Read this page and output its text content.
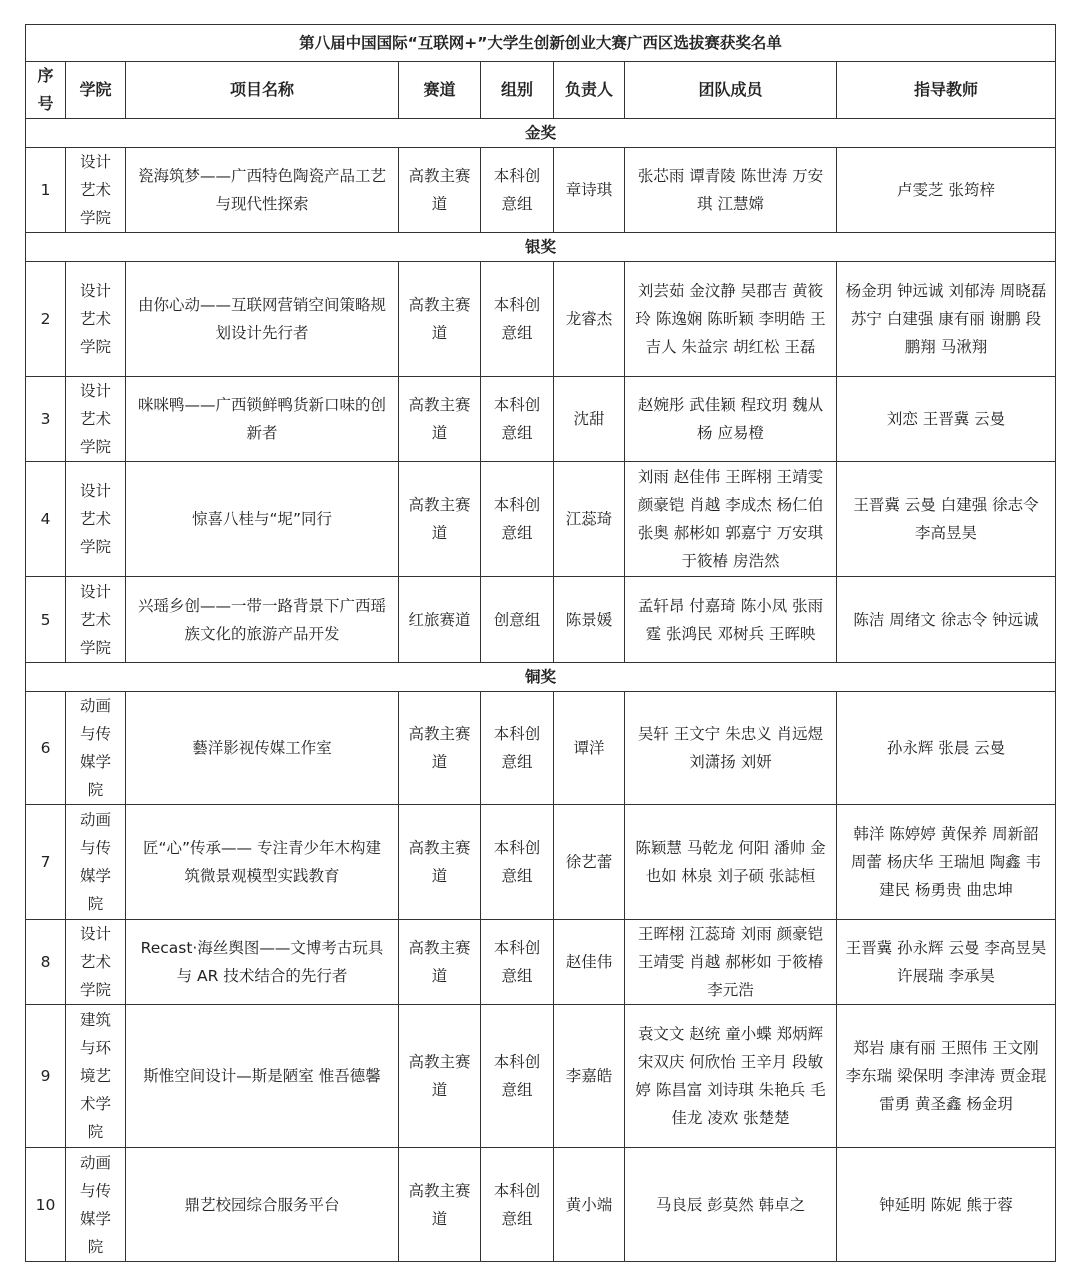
第八届中国国际“互联网+”大学生创新创业大赛广西区选拔赛获奖名单							
序号	学院	项目名称	赛道	组别	负责人	团队成员	指导教师
金奖							
1	设计艺术学院	瓷海筑梦——广西特色陶瓷产品工艺与现代性探索	高教主赛道	本科创意组	章诗琪	张芯雨 谭青陵 陈世涛 万安琪 江慧嫦	卢雯芝 张筠梓
银奖							
2	设计艺术学院	由你心动——互联网营销空间策略规划设计先行者	高教主赛道	本科创意组	龙睿杰	刘芸茹 金汶静 吴郡吉 黄筱玲 陈逸娴 陈昕颖 李明皓 王吉人 朱益宗 胡红松 王磊	杨金玥 钟远诚 刘郁涛 周晓磊 苏宁 白建强 康有丽 谢鹏 段鹏翔 马湫翔
3	设计艺术学院	咪咪鸭——广西锁鲜鸭货新口味的创新者	高教主赛道	本科创意组	沈甜	赵婉彤 武佳颖 程玟玥 魏从杨 应易橙	刘恋 王晋冀 云曼
4	设计艺术学院	惊喜八桂与“坭”同行	高教主赛道	本科创意组	江蕊琦	刘雨 赵佳伟 王晖栩 王靖雯 颜豪铠 肖越 李成杰 杨仁伯 张奥 郝彬如 郭嘉宁 万安琪 于筱椿 房浩然	王晋冀 云曼 白建强 徐志令 李高昱昊
5	设计艺术学院	兴瑶乡创——一带一路背景下广西瑶族文化的旅游产品开发	红旅赛道	创意组	陈景媛	孟轩昂 付嘉琦 陈小凤 张雨霆 张鸿民 邓树兵 王晖映	陈洁 周绪文 徐志令 钟远诚
铜奖							
6	动画与传媒学院	藝洋影视传媒工作室	高教主赛道	本科创意组	谭洋	吴轩 王文宁 朱忠义 肖远煜 刘潇扬 刘妍	孙永辉 张晨 云曼
7	动画与传媒学院	匠“心”传承—— 专注青少年木构建筑微景观模型实践教育	高教主赛道	本科创意组	徐艺蕾	陈颖慧 马乾龙 何阳 潘帅 金也如 林泉 刘子硕 张誌桓	韩洋 陈婷婷 黄保养 周新韶 周蕾 杨庆华 王瑞旭 陶鑫 韦建民 杨勇贵 曲忠坤
8	设计艺术学院	Recast·海丝舆图——文博考古玩具与 AR 技术结合的先行者	高教主赛道	本科创意组	赵佳伟	王晖栩 江蕊琦 刘雨 颜豪铠 王靖雯 肖越 郝彬如 于筱椿 李元浩	王晋冀 孙永辉 云曼 李高昱昊 许展瑞 李承昊
9	建筑与环境艺术学院	斯惟空间设计—斯是陋室 惟吾德馨	高教主赛道	本科创意组	李嘉皓	袁文文 赵统 童小蝶 郑炳辉 宋双庆 何欣怡 王辛月 段敏婷 陈昌富 刘诗琪 朱艳兵 毛佳龙 凌欢 张楚楚	郑岩 康有丽 王照伟 王文刚 李东瑞 梁保明 李津涛 贾金琨 雷勇 黄圣鑫 杨金玥
10	动画与传媒学院	鼎艺校园综合服务平台	高教主赛道	本科创意组	黄小端	马良辰 彭莫然 韩卓之	钟延明 陈妮 熊于蓉
